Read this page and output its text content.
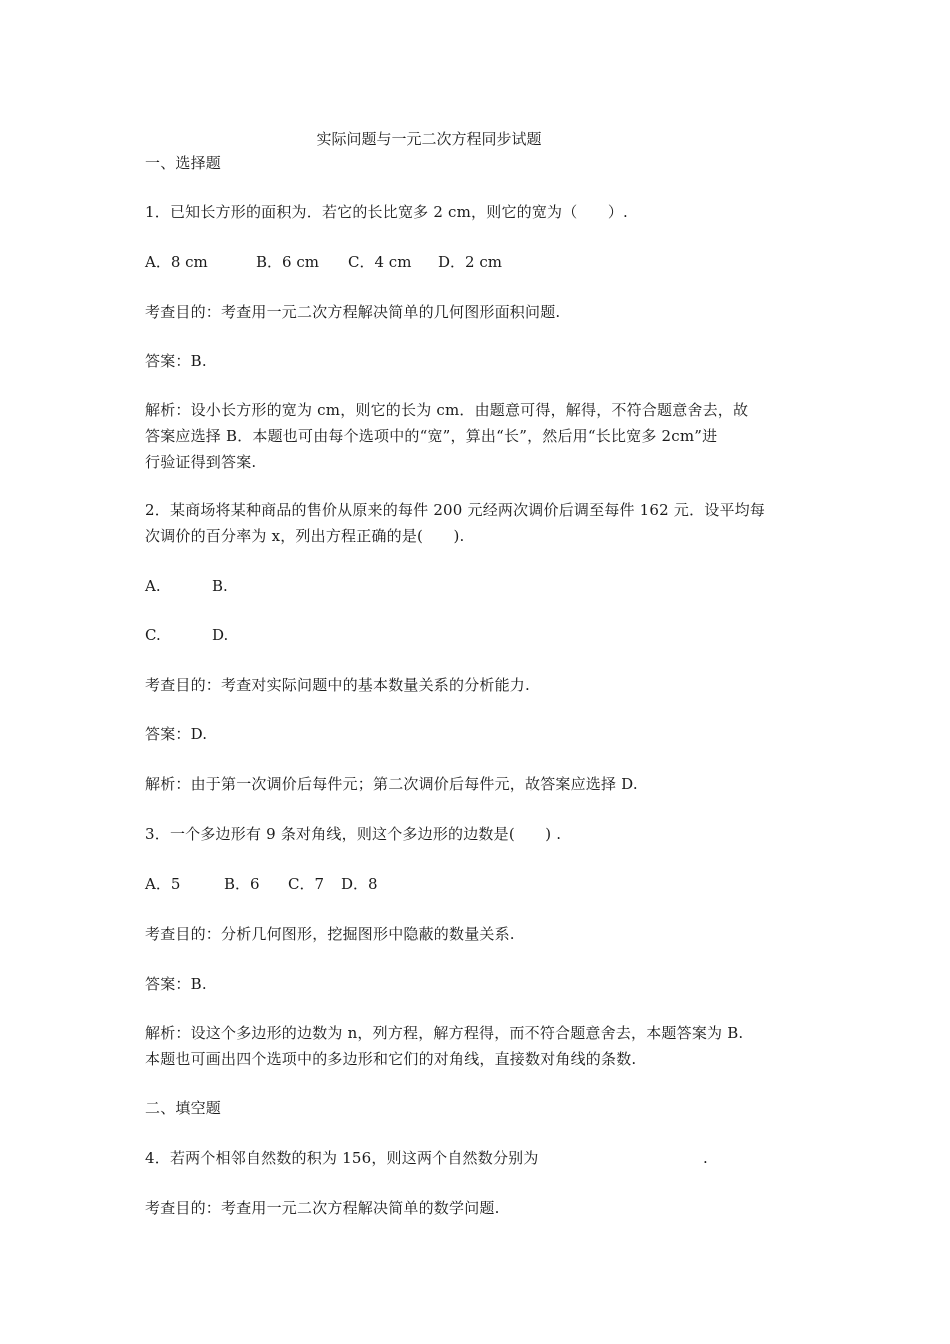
实际问题与一元二次方程同步试题
一、选择题
1．已知长方形的面积为．若它的长比宽多 2 cm，则它的宽为（　　）.
A．8 cm	B．6 cm C．4 cm D．2 cm
考查目的：考查用一元二次方程解决简单的几何图形面积问题.
答案：B.
解析：设小长方形的宽为 cm，则它的长为 cm．由题意可得，解得，不符合题意舍去，故
答案应选择 B．本题也可由每个选项中的“宽”，算出“长”，然后用“长比宽多 2cm”进
行验证得到答案.
2．某商场将某种商品的售价从原来的每件 200 元经两次调价后调至每件 162 元．设平均每
次调价的百分率为 x，列出方程正确的是(　　).
A.	B.
C.	D.
考查目的：考查对实际问题中的基本数量关系的分析能力.
答案：D.
解析：由于第一次调价后每件元；第二次调价后每件元，故答案应选择 D.
3．一个多边形有 9 条对角线，则这个多边形的边数是(　　) .
A．5	B．6 C．7 D．8
考查目的：分析几何图形，挖掘图形中隐蔽的数量关系.
答案：B.
解析：设这个多边形的边数为 n，列方程，解方程得，而不符合题意舍去，本题答案为 B.
本题也可画出四个选项中的多边形和它们的对角线，直接数对角线的条数.
二、填空题
4．若两个相邻自然数的积为 156，则这两个自然数分别为	.
考查目的：考查用一元二次方程解决简单的数学问题.
